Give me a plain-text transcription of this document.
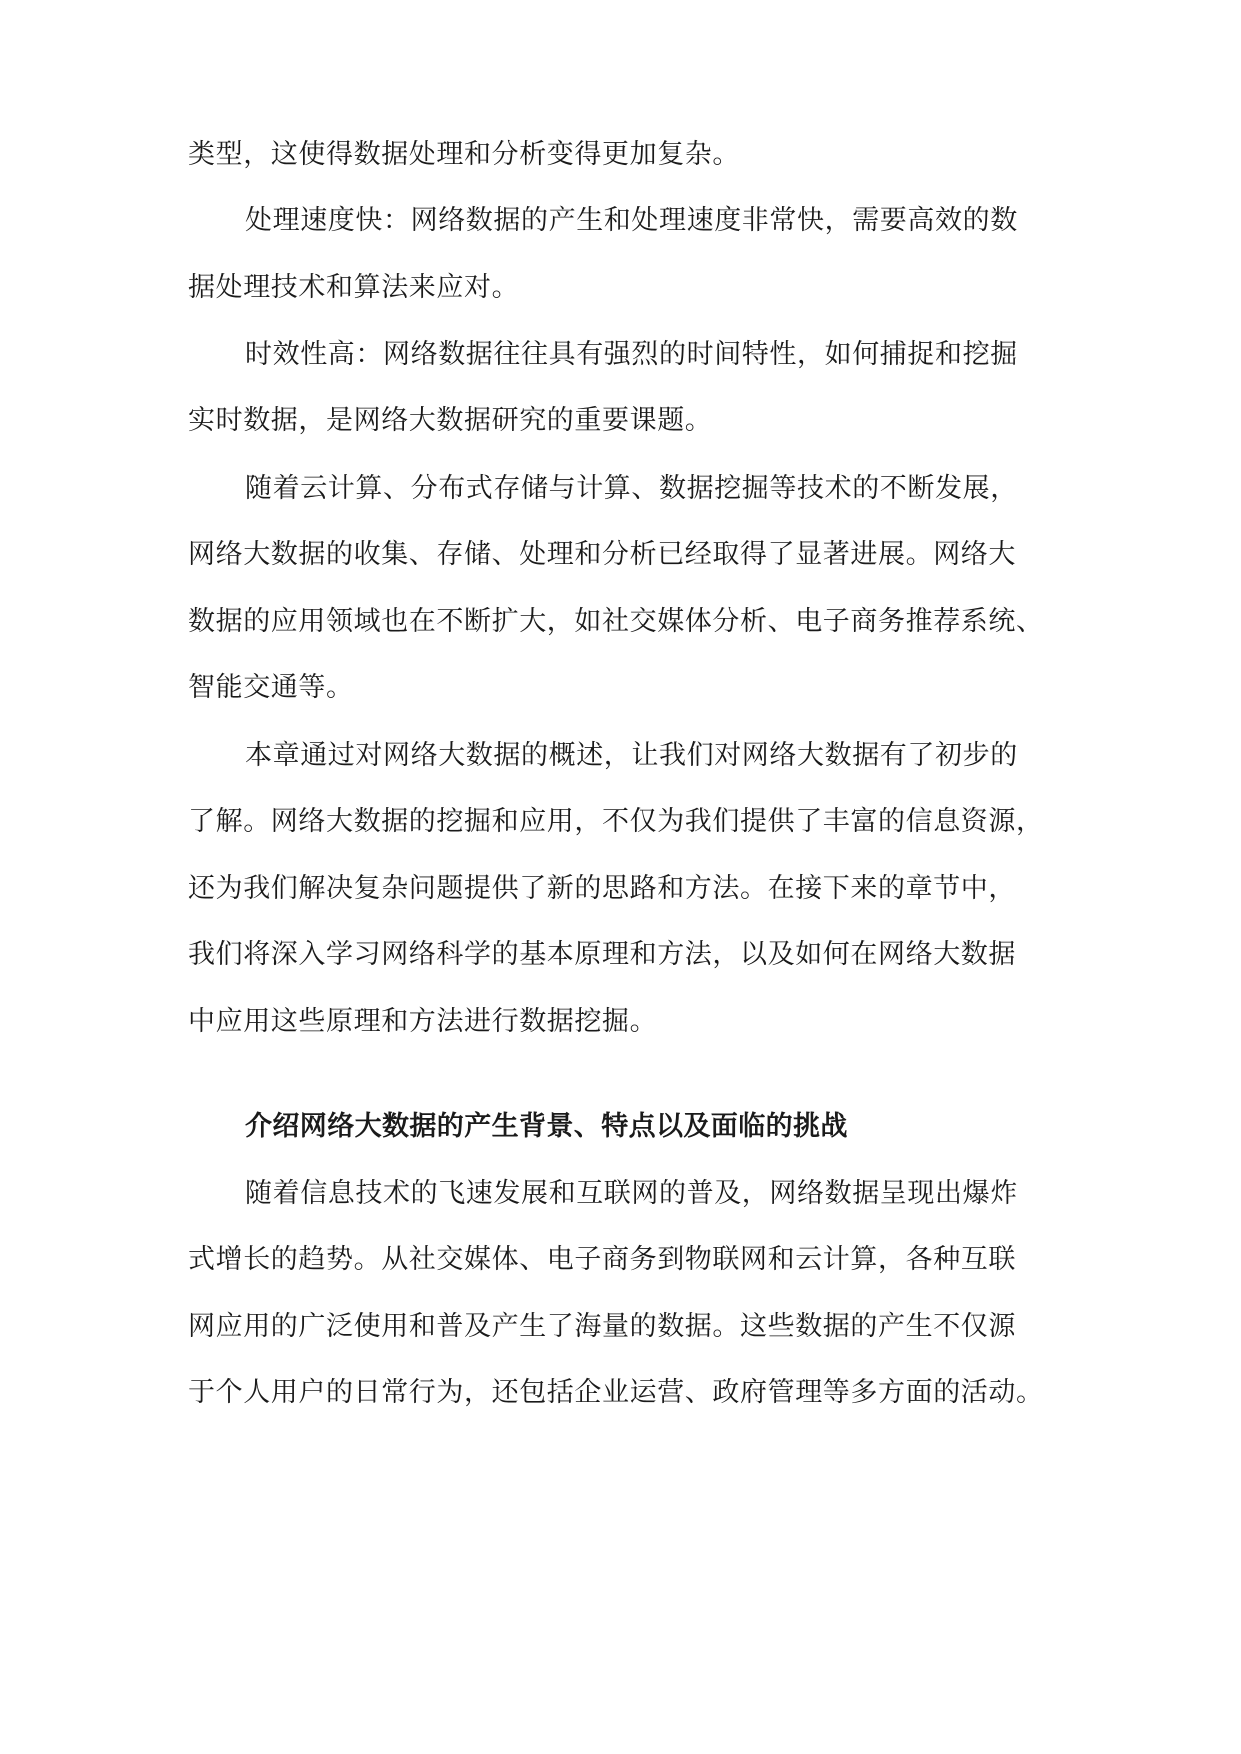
类型，这使得数据处理和分析变得更加复杂。
处理速度快：网络数据的产生和处理速度非常快，需要高效的数
据处理技术和算法来应对。
时效性高：网络数据往往具有强烈的时间特性，如何捕捉和挖掘
实时数据，是网络大数据研究的重要课题。
随着云计算、分布式存储与计算、数据挖掘等技术的不断发展，
网络大数据的收集、存储、处理和分析已经取得了显著进展。网络大
数据的应用领域也在不断扩大，如社交媒体分析、电子商务推荐系统、
智能交通等。
本章通过对网络大数据的概述，让我们对网络大数据有了初步的
了解。网络大数据的挖掘和应用，不仅为我们提供了丰富的信息资源，
还为我们解决复杂问题提供了新的思路和方法。在接下来的章节中，
我们将深入学习网络科学的基本原理和方法，以及如何在网络大数据
中应用这些原理和方法进行数据挖掘。
介绍网络大数据的产生背景、特点以及面临的挑战
随着信息技术的飞速发展和互联网的普及，网络数据呈现出爆炸
式增长的趋势。从社交媒体、电子商务到物联网和云计算，各种互联
网应用的广泛使用和普及产生了海量的数据。这些数据的产生不仅源
于个人用户的日常行为，还包括企业运营、政府管理等多方面的活动。
